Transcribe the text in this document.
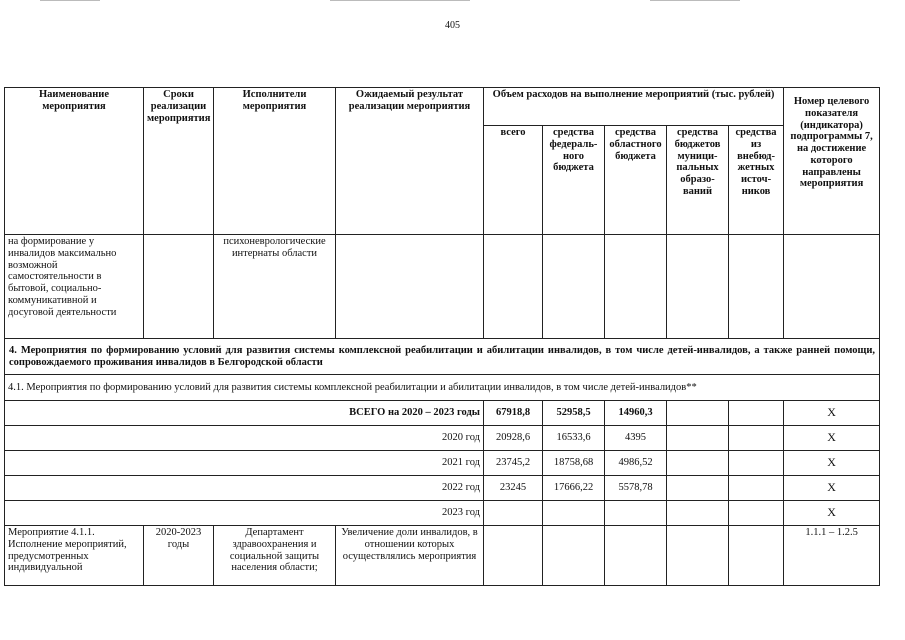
405
Наименование мероприятия	Сроки реализации мероприятия	Исполнители мероприятия	Ожидаемый результат реализации мероприятия	Объем расходов на выполнение мероприятий (тыс. рублей)					Номер целевого показателя (индикатора) подпрограммы 7, на достижение которого направлены мероприятия
				всего	средства федераль-ного бюджета	средства областного бюджета	средства бюджетов муници-пальных образо-ваний	средства из внебюд-жетных источ-ников	
на формирование у инвалидов максимально возможной самостоятельности в бытовой, социально-коммуникативной и досуговой деятельности		психоневрологические интернаты области							
4. Мероприятия по формированию условий для развития системы комплексной реабилитации и абилитации инвалидов, в том числе детей-инвалидов, а также ранней помощи, сопровождаемого проживания инвалидов в Белгородской области									
4.1. Мероприятия по формированию условий для развития системы комплексной реабилитации и абилитации инвалидов, в том числе детей-инвалидов**									
ВСЕГО на 2020 – 2023 годы				67918,8	52958,5	14960,3			Х
2020 год				20928,6	16533,6	4395			Х
2021 год				23745,2	18758,68	4986,52			Х
2022 год				23245	17666,22	5578,78			Х
2023 год									Х
Мероприятие 4.1.1. Исполнение мероприятий, предусмотренных индивидуальной	2020-2023 годы	Департамент здравоохранения и социальной защиты населения области;	Увеличение доли инвалидов, в отношении которых осуществлялись мероприятия						1.1.1 – 1.2.5
